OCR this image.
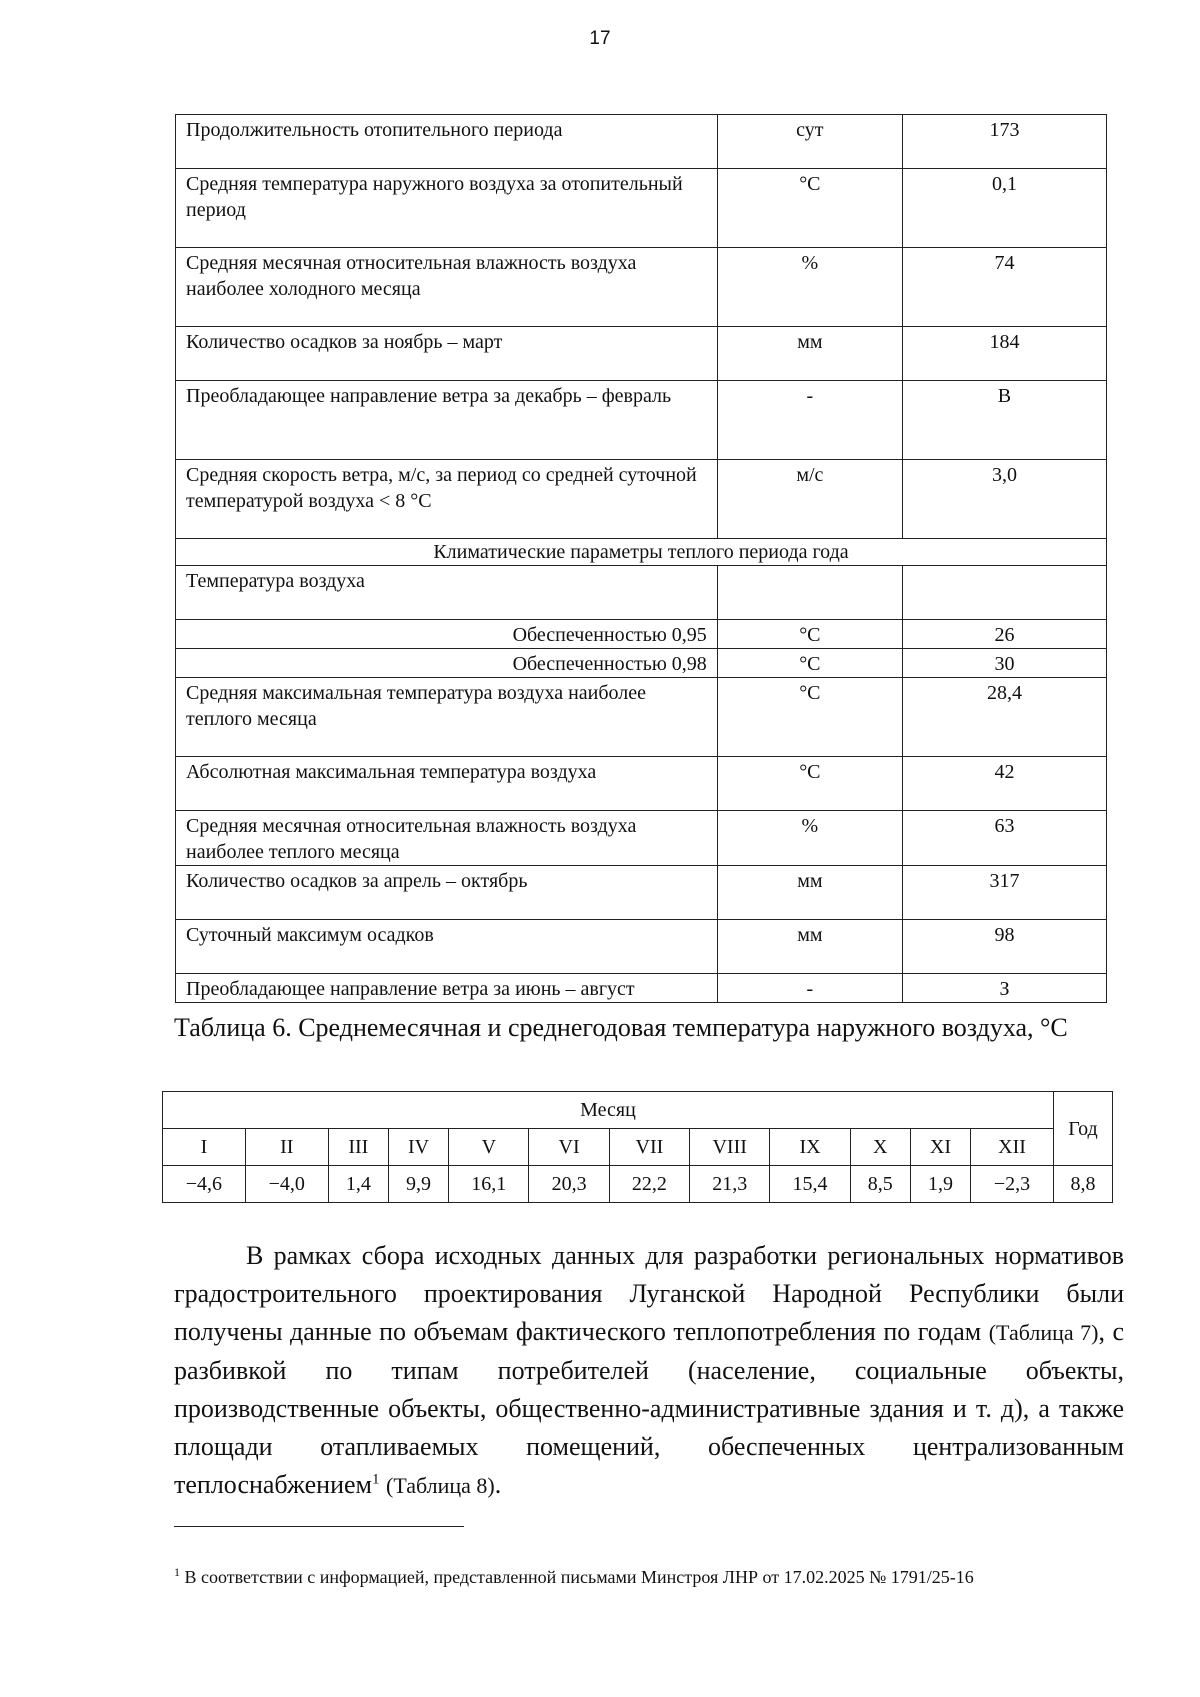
17
Продолжительность отопительного периода	сут	173
Средняя температура наружного воздуха за отопительный период	°С	0,1
Средняя месячная относительная влажность воздуха наиболее холодного месяца	%	74
Количество осадков за ноябрь – март	мм	184
Преобладающее направление ветра за декабрь – февраль	-	В
Средняя скорость ветра, м/с, за период со средней суточной температурой воздуха < 8 °С	м/с	3,0
Климатические параметры теплого периода года		
Температура воздуха		
Обеспеченностью 0,95	°С	26
Обеспеченностью 0,98	°С	30
Средняя максимальная температура воздуха наиболее теплого месяца	°С	28,4
Абсолютная максимальная температура воздуха	°С	42
Средняя месячная относительная влажность воздуха наиболее теплого месяца	%	63
Количество осадков за апрель – октябрь	мм	317
Суточный максимум осадков	мм	98
Преобладающее направление ветра за июнь – август	-	З
Таблица 6. Среднемесячная и среднегодовая температура наружного воздуха, °С
Месяц												Год
I	II	III	IV	V	VI	VII	VIII	IX	X	XI	XII	
−4,6	−4,0	1,4	9,9	16,1	20,3	22,2	21,3	15,4	8,5	1,9	−2,3	8,8

В рамках сбора исходных данных для разработки региональных нормативов градостроительного проектирования Луганской Народной Республики были получены данные по объемам фактического теплопотребления по годам (Таблица 7), с разбивкой по типам потребителей (население, социальные объекты, производственные объекты, общественно-административные здания и т. д), а также площади отапливаемых помещений, обеспеченных централизованным теплоснабжением$^1$ (Таблица 8).

$^1$ В соответствии с информацией, представленной письмами Минстроя ЛНР от 17.02.2025 № 1791/25-16
